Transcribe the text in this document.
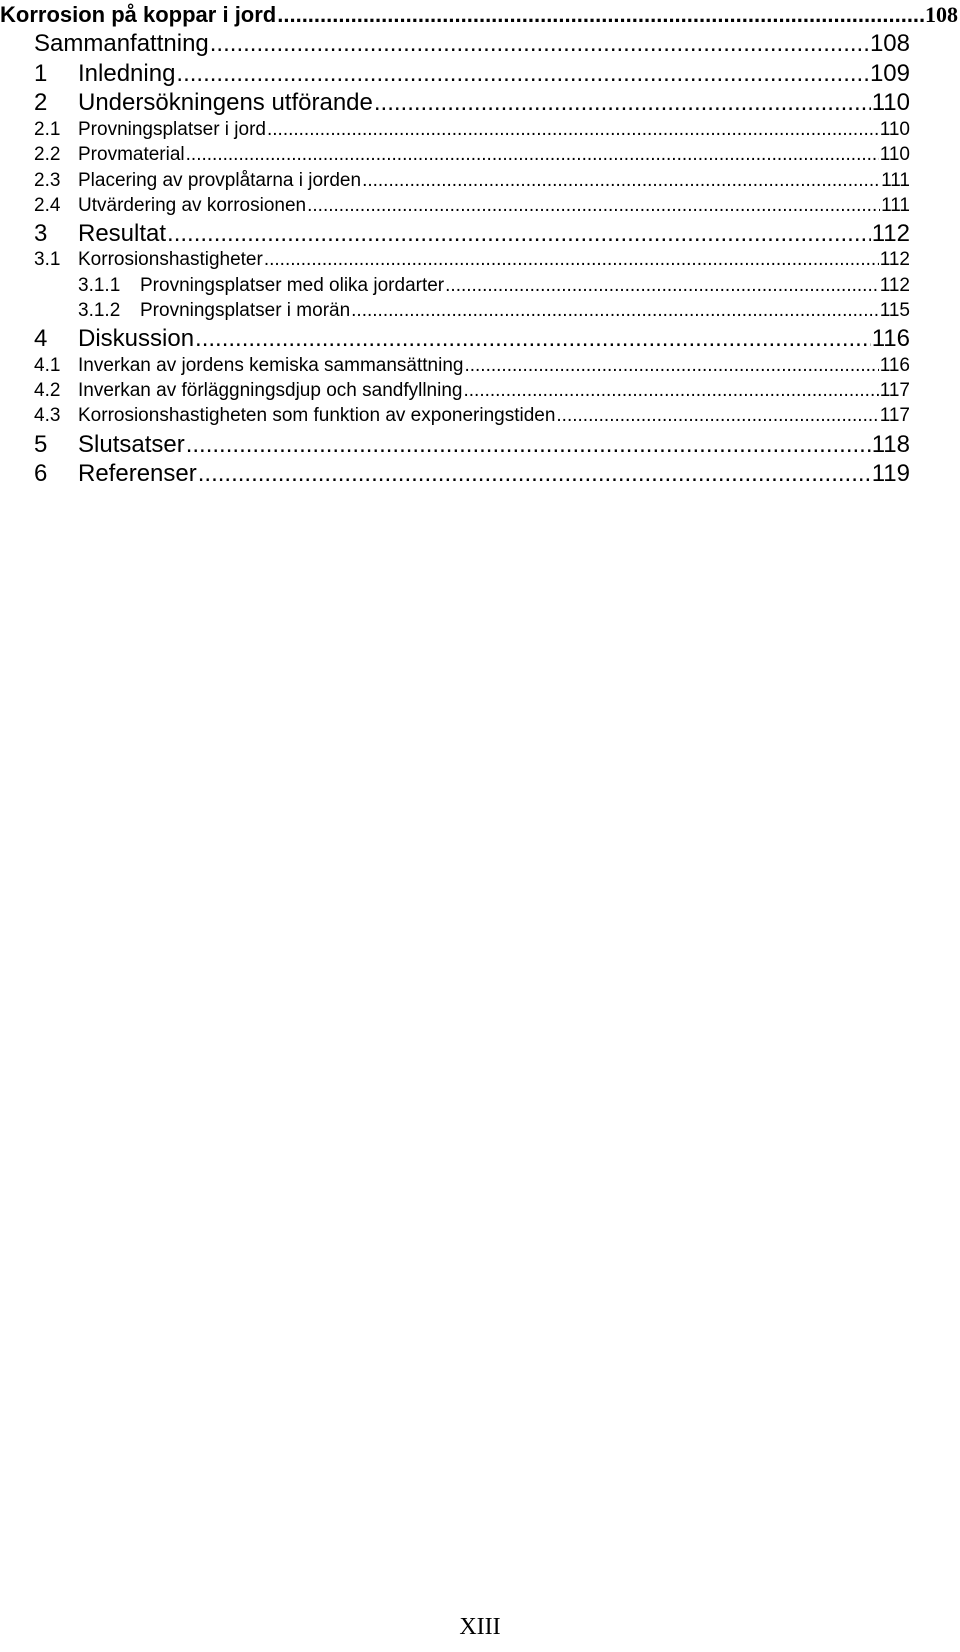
Korrosion på koppar i jord .....	108
Sammanfattning .....	108
1	Inledning .....	109
2	Undersökningens utförande .....	110
2.1 Provningsplatser i jord .....	110
2.2 Provmaterial .....	110
2.3 Placering av provplåtarna i jorden .....	111
2.4 Utvärdering av korrosionen .....	111
3	Resultat .....	112
3.1 Korrosionshastigheter .....	112
3.1.1	Provningsplatser med olika jordarter .....	112
3.1.2	Provningsplatser i morän .....	115
4	Diskussion .....	116
4.1 Inverkan av jordens kemiska sammansättning .....	116
4.2 Inverkan av förläggningsdjup och sandfyllning .....	117
4.3 Korrosionshastigheten som funktion av exponeringstiden .....	117
5	Slutsatser .....	118
6	Referenser .....	119
XIII
